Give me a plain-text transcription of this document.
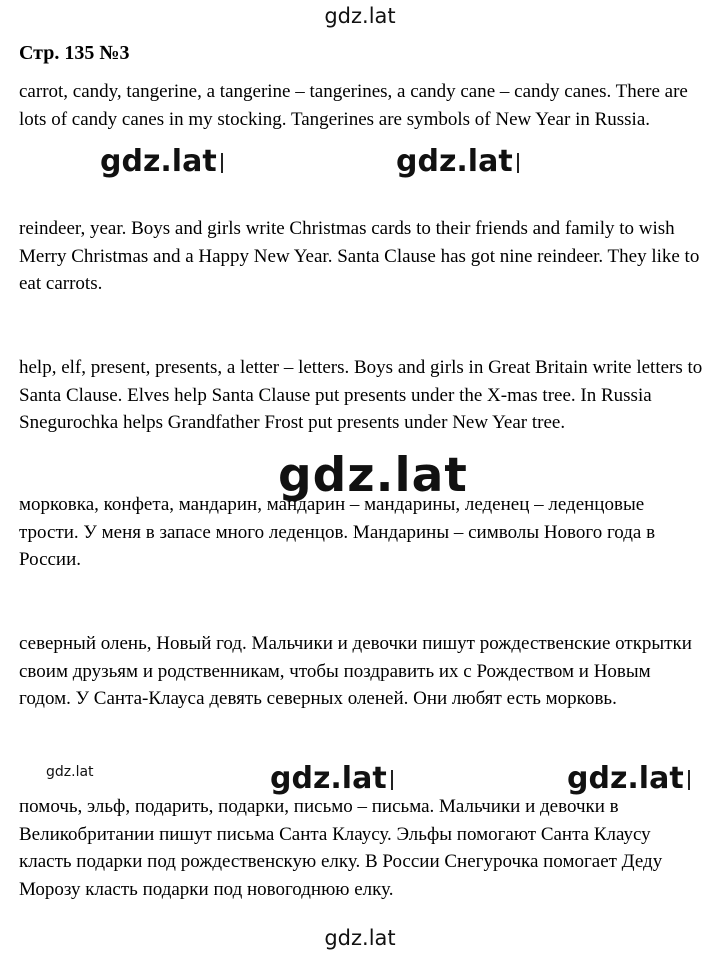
gdz.lat
Стр. 135 №3
carrot, candy, tangerine, a tangerine – tangerines, a candy cane – candy canes. There are lots of candy canes in my stocking. Tangerines are symbols of New Year in Russia.
gdz.lat	gdz.lat
reindeer, year. Boys and girls write Christmas cards to their friends and family to wish Merry Christmas and a Happy New Year. Santa Clause has got nine reindeer. They like to eat carrots.
help, elf, present, presents, a letter – letters. Boys and girls in Great Britain write letters to Santa Clause. Elves help Santa Clause put presents under the X-mas tree. In Russia Snegurochka helps Grandfather Frost put presents under New Year tree.
gdz.lat
морковка, конфета, мандарин, мандарин – мандарины, леденец – леденцовые трости. У меня в запасе много леденцов. Мандарины – символы Нового года в России.
северный олень, Новый год. Мальчики и девочки пишут рождественские открытки своим друзьям и родственникам, чтобы поздравить их с Рождеством и Новым годом. У Санта-Клауса девять северных оленей. Они любят есть морковь.
gdz.lat	gdz.lat	gdz.lat
помочь, эльф, подарить, подарки, письмо – письма. Мальчики и девочки в Великобритании пишут письма Санта Клаусу. Эльфы помогают Санта Клаусу класть подарки под рождественскую елку. В России Снегурочка помогает Деду Морозу класть подарки под новогоднюю елку.
gdz.lat
